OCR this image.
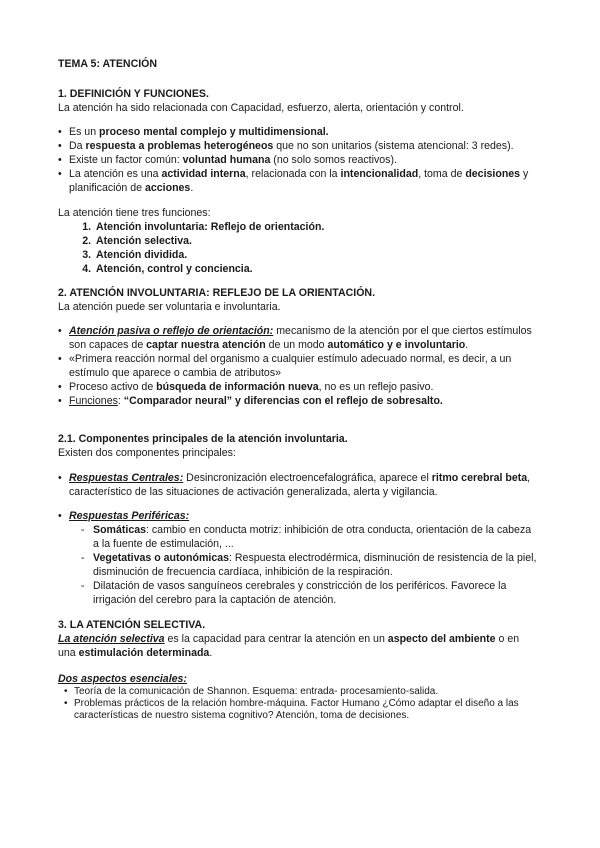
TEMA 5: ATENCIÓN
1. DEFINICIÓN Y FUNCIONES.

La atención ha sido relacionada con Capacidad, esfuerzo, alerta, orientación y control.

• Es un proceso mental complejo y multidimensional.
• Da respuesta a problemas heterogéneos que no son unitarios (sistema atencional: 3 redes).
• Existe un factor común: voluntad humana (no solo somos reactivos).
• La atención es una actividad interna, relacionada con la intencionalidad, toma de decisiones y planificación de acciones.

La atención tiene tres funciones:

1. Atención involuntaria: Reflejo de orientación.
2. Atención selectiva.
3. Atención dividida.
4. Atención, control y conciencia.
2. ATENCIÓN INVOLUNTARIA: REFLEJO DE LA ORIENTACIÓN.

La atención puede ser voluntaria e involuntaria.

• Atención pasiva o reflejo de orientación: mecanismo de la atención por el que ciertos estímulos son capaces de captar nuestra atención de un modo automático y e involuntario.
• «Primera reacción normal del organismo a cualquier estímulo adecuado normal, es decir, a un estímulo que aparece o cambia de atributos»
• Proceso activo de búsqueda de información nueva, no es un reflejo pasivo.
• Funciones: “Comparador neural” y diferencias con el reflejo de sobresalto.
2.1. Componentes principales de la atención involuntaria.

Existen dos componentes principales:

• Respuestas Centrales: Desincronización electroencefalográfica, aparece el ritmo cerebral beta, característico de las situaciones de activación generalizada, alerta y vigilancia.
• Respuestas Periféricas:
- Somáticas: cambio en conducta motriz: inhibición de otra conducta, orientación de la cabeza a la fuente de estimulación, ...
- Vegetativas o autonómicas: Respuesta electrodérmica, disminución de resistencia de la piel, disminución de frecuencia cardíaca, inhibición de la respiración.
- Dilatación de vasos sanguíneos cerebrales y constricción de los periféricos. Favorece la irrigación del cerebro para la captación de atención.
3. LA ATENCIÓN SELECTIVA.

La atención selectiva es la capacidad para centrar la atención en un aspecto del ambiente o en una estimulación determinada.

Dos aspectos esenciales:

• Teoría de la comunicación de Shannon. Esquema: entrada- procesamiento-salida.
• Problemas prácticos de la relación hombre-máquina. Factor Humano ¿Cómo adaptar el diseño a las características de nuestro sistema cognitivo? Atención, toma de decisiones.
